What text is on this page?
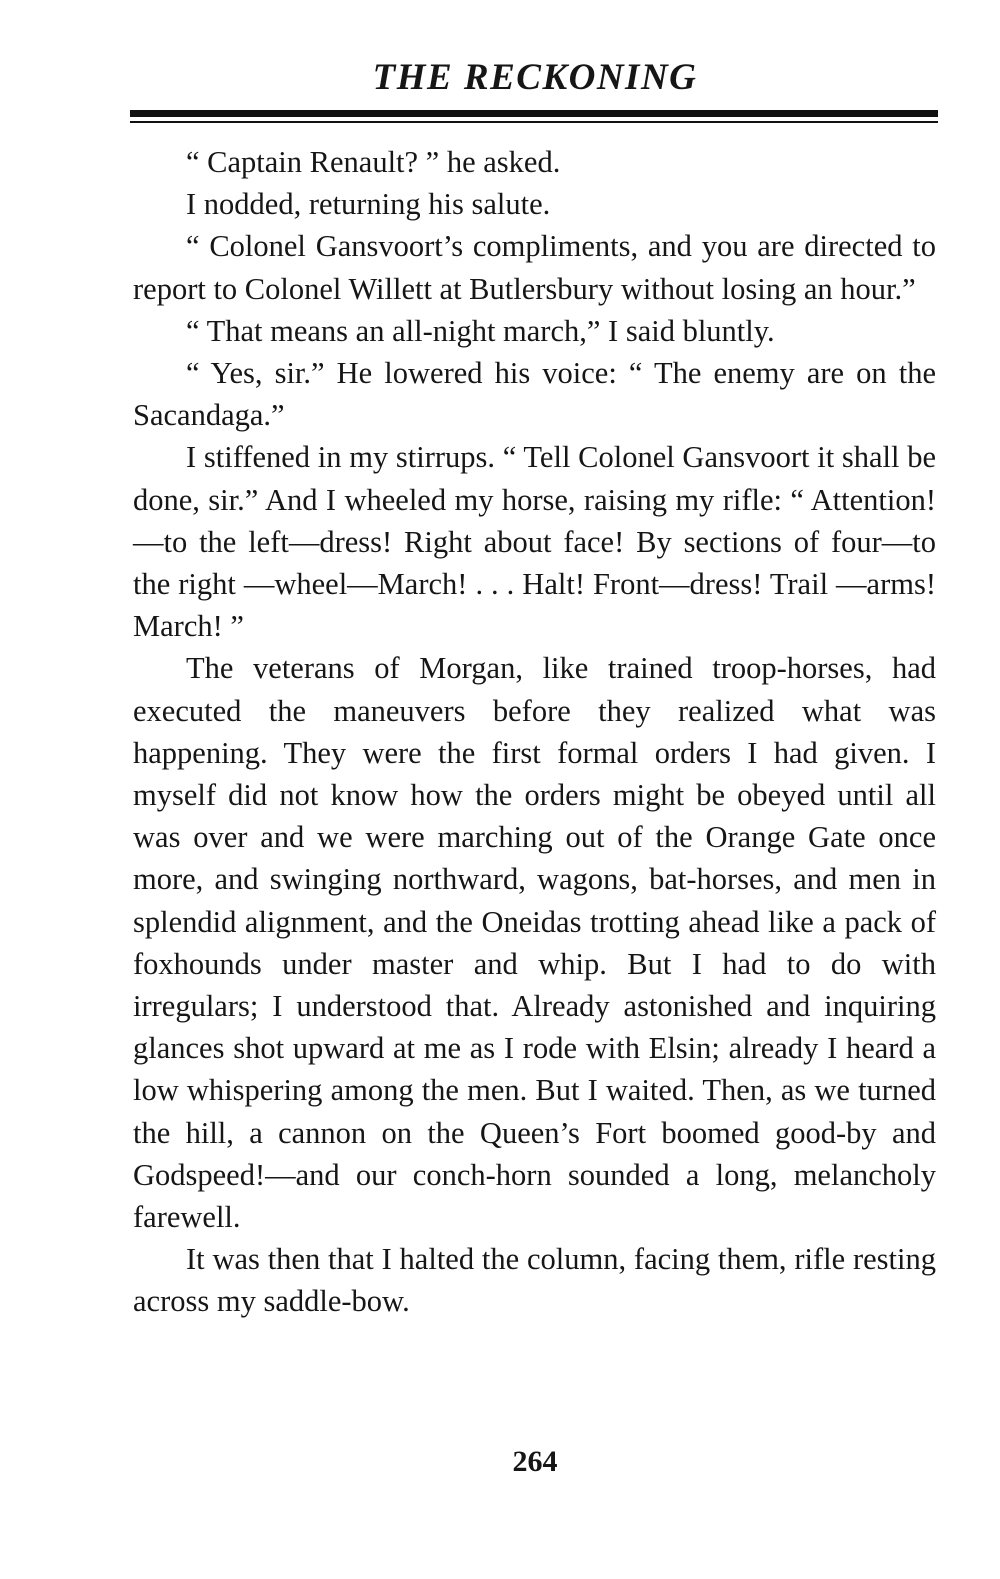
THE RECKONING

“ Captain Renault? ” he asked.

I nodded, returning his salute.

“ Colonel Gansvoort’s compliments, and you are directed to report to Colonel Willett at Butlersbury without losing an hour.”

“ That means an all-night march,” I said bluntly.

“ Yes, sir.” He lowered his voice: “ The enemy are on the Sacandaga.”

I stiffened in my stirrups. “ Tell Colonel Gansvoort it shall be done, sir.” And I wheeled my horse, raising my rifle: “ Attention!—to the left—dress! Right about face! By sections of four—to the right —wheel—March! . . . Halt! Front—dress! Trail —arms! March! ”

The veterans of Morgan, like trained troop-horses, had executed the maneuvers before they realized what was happening. They were the first formal orders I had given. I myself did not know how the orders might be obeyed until all was over and we were marching out of the Orange Gate once more, and swinging northward, wagons, bat-horses, and men in splendid alignment, and the Oneidas trotting ahead like a pack of foxhounds under master and whip. But I had to do with irregulars; I understood that. Already astonished and inquiring glances shot upward at me as I rode with Elsin; already I heard a low whispering among the men. But I waited. Then, as we turned the hill, a cannon on the Queen’s Fort boomed good-by and Godspeed!—and our conch-horn sounded a long, melancholy farewell.

It was then that I halted the column, facing them, rifle resting across my saddle-bow.

264
